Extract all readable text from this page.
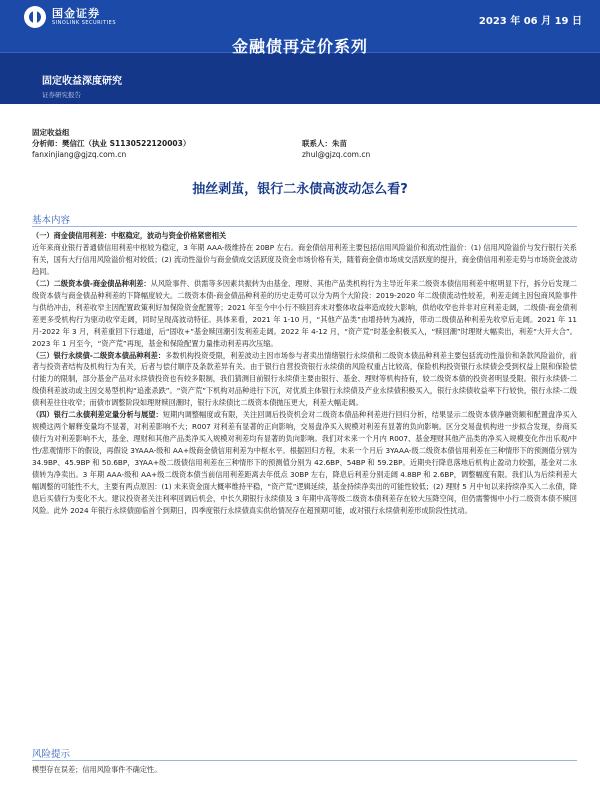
国金证券
SINOLINK SECURITIES	2023 年 06 月 19 日
金融债再定价系列
固定收益深度研究
证券研究报告
固定收益组
分析师：樊信江（执业 S1130522120003）	联系人：朱苗
fanxinjiang@gjzq.com.cn	zhul@gjzq.com.cn
抽丝剥茧，银行二永债高波动怎么看?
基本内容

（一）商金债信用利差：中枢稳定，波动与资金价格紧密相关

近年来商业银行普通债信用利差中枢较为稳定，3 年期 AAA-级维持在 20BP 左右。商金债信用利差主要包括信用风险溢价和流动性溢价：(1) 信用风险溢价与发行银行关系有关，国有大行信用风险溢价相对较低；(2) 流动性溢价与商金债成交活跃度及资金市场价格有关，随着商金债市场成交活跃度的提升，商金债信用利差走势与市场资金波动趋同。

（二）二级资本债-商金债品种利差：从风险事件、供需等多因素共振转为由基金、理财、其他产品类机构行为主导近年来二级资本债信用利差中枢明显下行，拆分后发现二级资本债与商金债品种利差的下降幅度较大。二级资本债-商金债品种利差的历史走势可以分为两个大阶段：2019-2020 年二级债流动性较差，利差走阔主因包商风险事件与供给冲击，利差收窄主因配置政策利好加保险资金配置等；2021 年至今中小行不赎回弃未对整体收益率造成较大影响，供给收窄也并非对应利差走阔，二级债-商金债利差更多受机构行为驱动收窄走阔，同时呈现高波动特征。具体来看，2021 年 1-10 月，“其他产品类”由增持转为减持，带动二级债品种利差先收窄后走阔。2021 年 11 月-2022 年 3 月，利差重回下行通道，后“固收+”基金赎回潮引发利差走阔。2022 年 4-12 月，“资产荒”时基金积极买入，“赎回潮”时理财大幅卖出，利差“大开大合”。2023 年 1 月至今，“资产荒”再现，基金和保险配置力量推动利差再次压缩。

（三）银行永续债-二级资本债品种利差：多数机构投资受限，利差波动主因市场参与者卖出情绪银行永续债和二级资本债品种利差主要包括流动性溢价和条款风险溢价，前者与投资者结构及机构行为有关，后者与偿付顺序及条款差异有关。由于银行自营投资银行永续债的风险权重占比较高，保险机构投资银行永续债会受到权益上限和保险偿付能力的限制，部分基金产品对永续债投资也有较多限制，我们猜测目前银行永续债主要由银行、基金、理财等机构持有，较二级资本债的投资者明显受限。银行永续债-二级债利差波动或主因交易型机构“追涨杀跌”。“资产荒”下机构对品种进行下沉，对优质主体银行永续债及产业永续债积极买入，银行永续债收益率下行较快，银行永续-二级债利差往往收窄；而债市调整阶段如理财赎回潮时，银行永续债比二级资本债抛压更大，利差大幅走阔。

（四）银行二永债利差定量分析与展望：短期内调整幅度或有限，关注回调后投资机会对二级资本债品种利差进行回归分析，结果显示二级资本债净融资额和配置盘净买入规模这两个解释变量均不显著，对利差影响不大；R007 对利差有显著的正向影响，交易盘净买入规模对利差有显著的负向影响。区分交易盘机构进一步拟合发现，券商买债行为对利差影响不大，基金、理财和其他产品类净买入规模对利差均有显著的负向影响。我们对未来一个月内 R007、基金理财其他产品类的净买入规模变化作出乐观/中性/悲观情形下的假设，再假设 3YAAA-级和 AA+级商金债信用利差为中枢水平。根据回归方程，未来一个月后 3YAAA-级二级资本债信用利差在三种情形下的预测值分别为 34.9BP、45.9BP 和 50.6BP，3YAA+级二级债信用利差在三种情形下的预测值分别为 42.6BP、54BP 和 59.2BP。近期央行降息落地后机构止盈动力较强，基金对二永债转为净卖出。3 年期 AAA-级和 AA+级二级资本债当前信用利差距离去年低点 30BP 左右，降息后利差分别走阔 4.8BP 和 2.6BP，调整幅度有限。我们认为后续利差大幅调整的可能性不大，主要有两点原因：(1) 未来资金面大概率维持平稳，“资产荒”逻辑延续，基金持续净卖出的可能性较低；(2) 理财 5 月中旬以来持续净买入二永债，降息后买债行为变化不大。建议投资者关注利率回调后机会，中长久期银行永续债及 3 年期中高等级二级资本债利差存在较大压降空间，但仍需警惕中小行二级资本债不赎回风险。此外 2024 年银行永续债面临首个到期日，四季度银行永续债真实供给情况存在超预期可能，或对银行永续债利差形成阶段性扰动。

风险提示
模型存在误差；信用风险事件不确定性。
